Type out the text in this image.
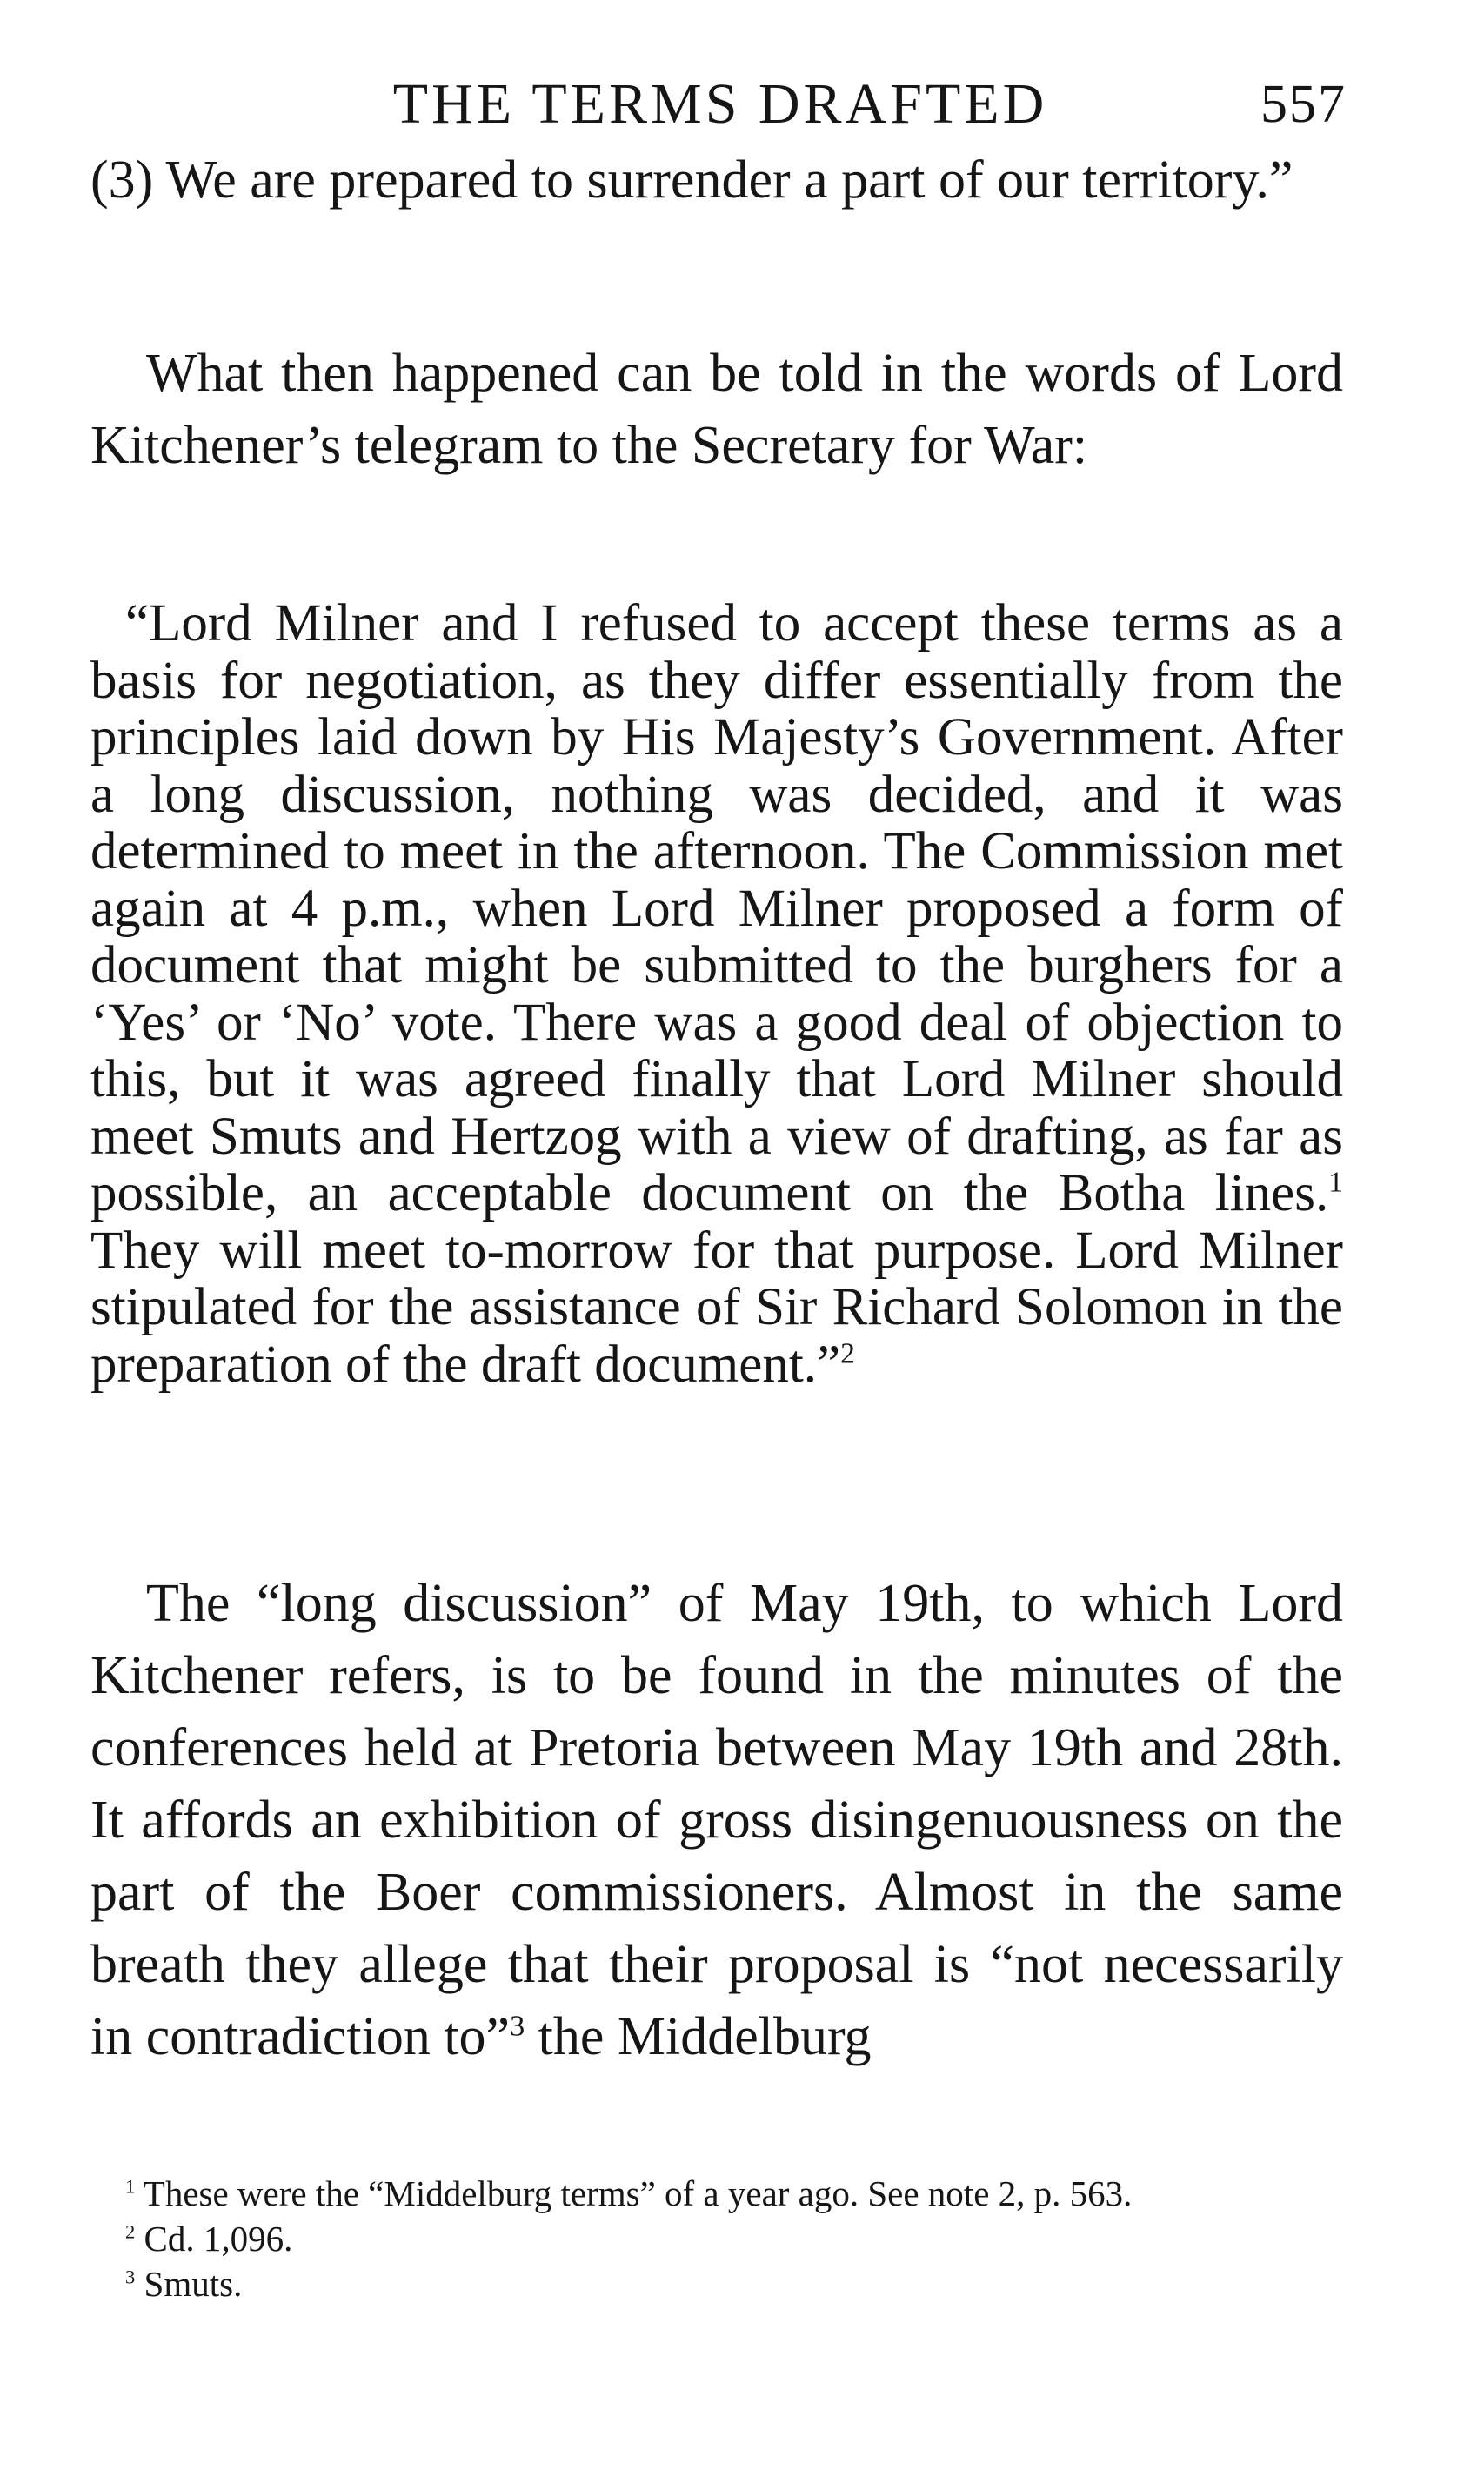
THE TERMS DRAFTED	557

(3) We are prepared to surrender a part of our territory.”

What then happened can be told in the words of Lord Kitchener’s telegram to the Secretary for War:

“Lord Milner and I refused to accept these terms as a basis for negotiation, as they differ essentially from the principles laid down by His Majesty’s Government. After a long discussion, nothing was decided, and it was determined to meet in the afternoon. The Commission met again at 4 p.m., when Lord Milner proposed a form of document that might be submitted to the burghers for a ‘Yes’ or ‘No’ vote. There was a good deal of objection to this, but it was agreed finally that Lord Milner should meet Smuts and Hertzog with a view of drafting, as far as possible, an acceptable document on the Botha lines.$^1$ They will meet to-morrow for that purpose. Lord Milner stipulated for the assistance of Sir Richard Solomon in the preparation of the draft document.”$^2$

The “long discussion” of May 19th, to which Lord Kitchener refers, is to be found in the minutes of the conferences held at Pretoria between May 19th and 28th. It affords an exhibition of gross disingenuousness on the part of the Boer commissioners. Almost in the same breath they allege that their proposal is “not necessarily in contradiction to”$^3$ the Middelburg

$^1$ These were the “Middelburg terms” of a year ago. See note 2, p. 563.

$^2$ Cd. 1,096.

$^3$ Smuts.
